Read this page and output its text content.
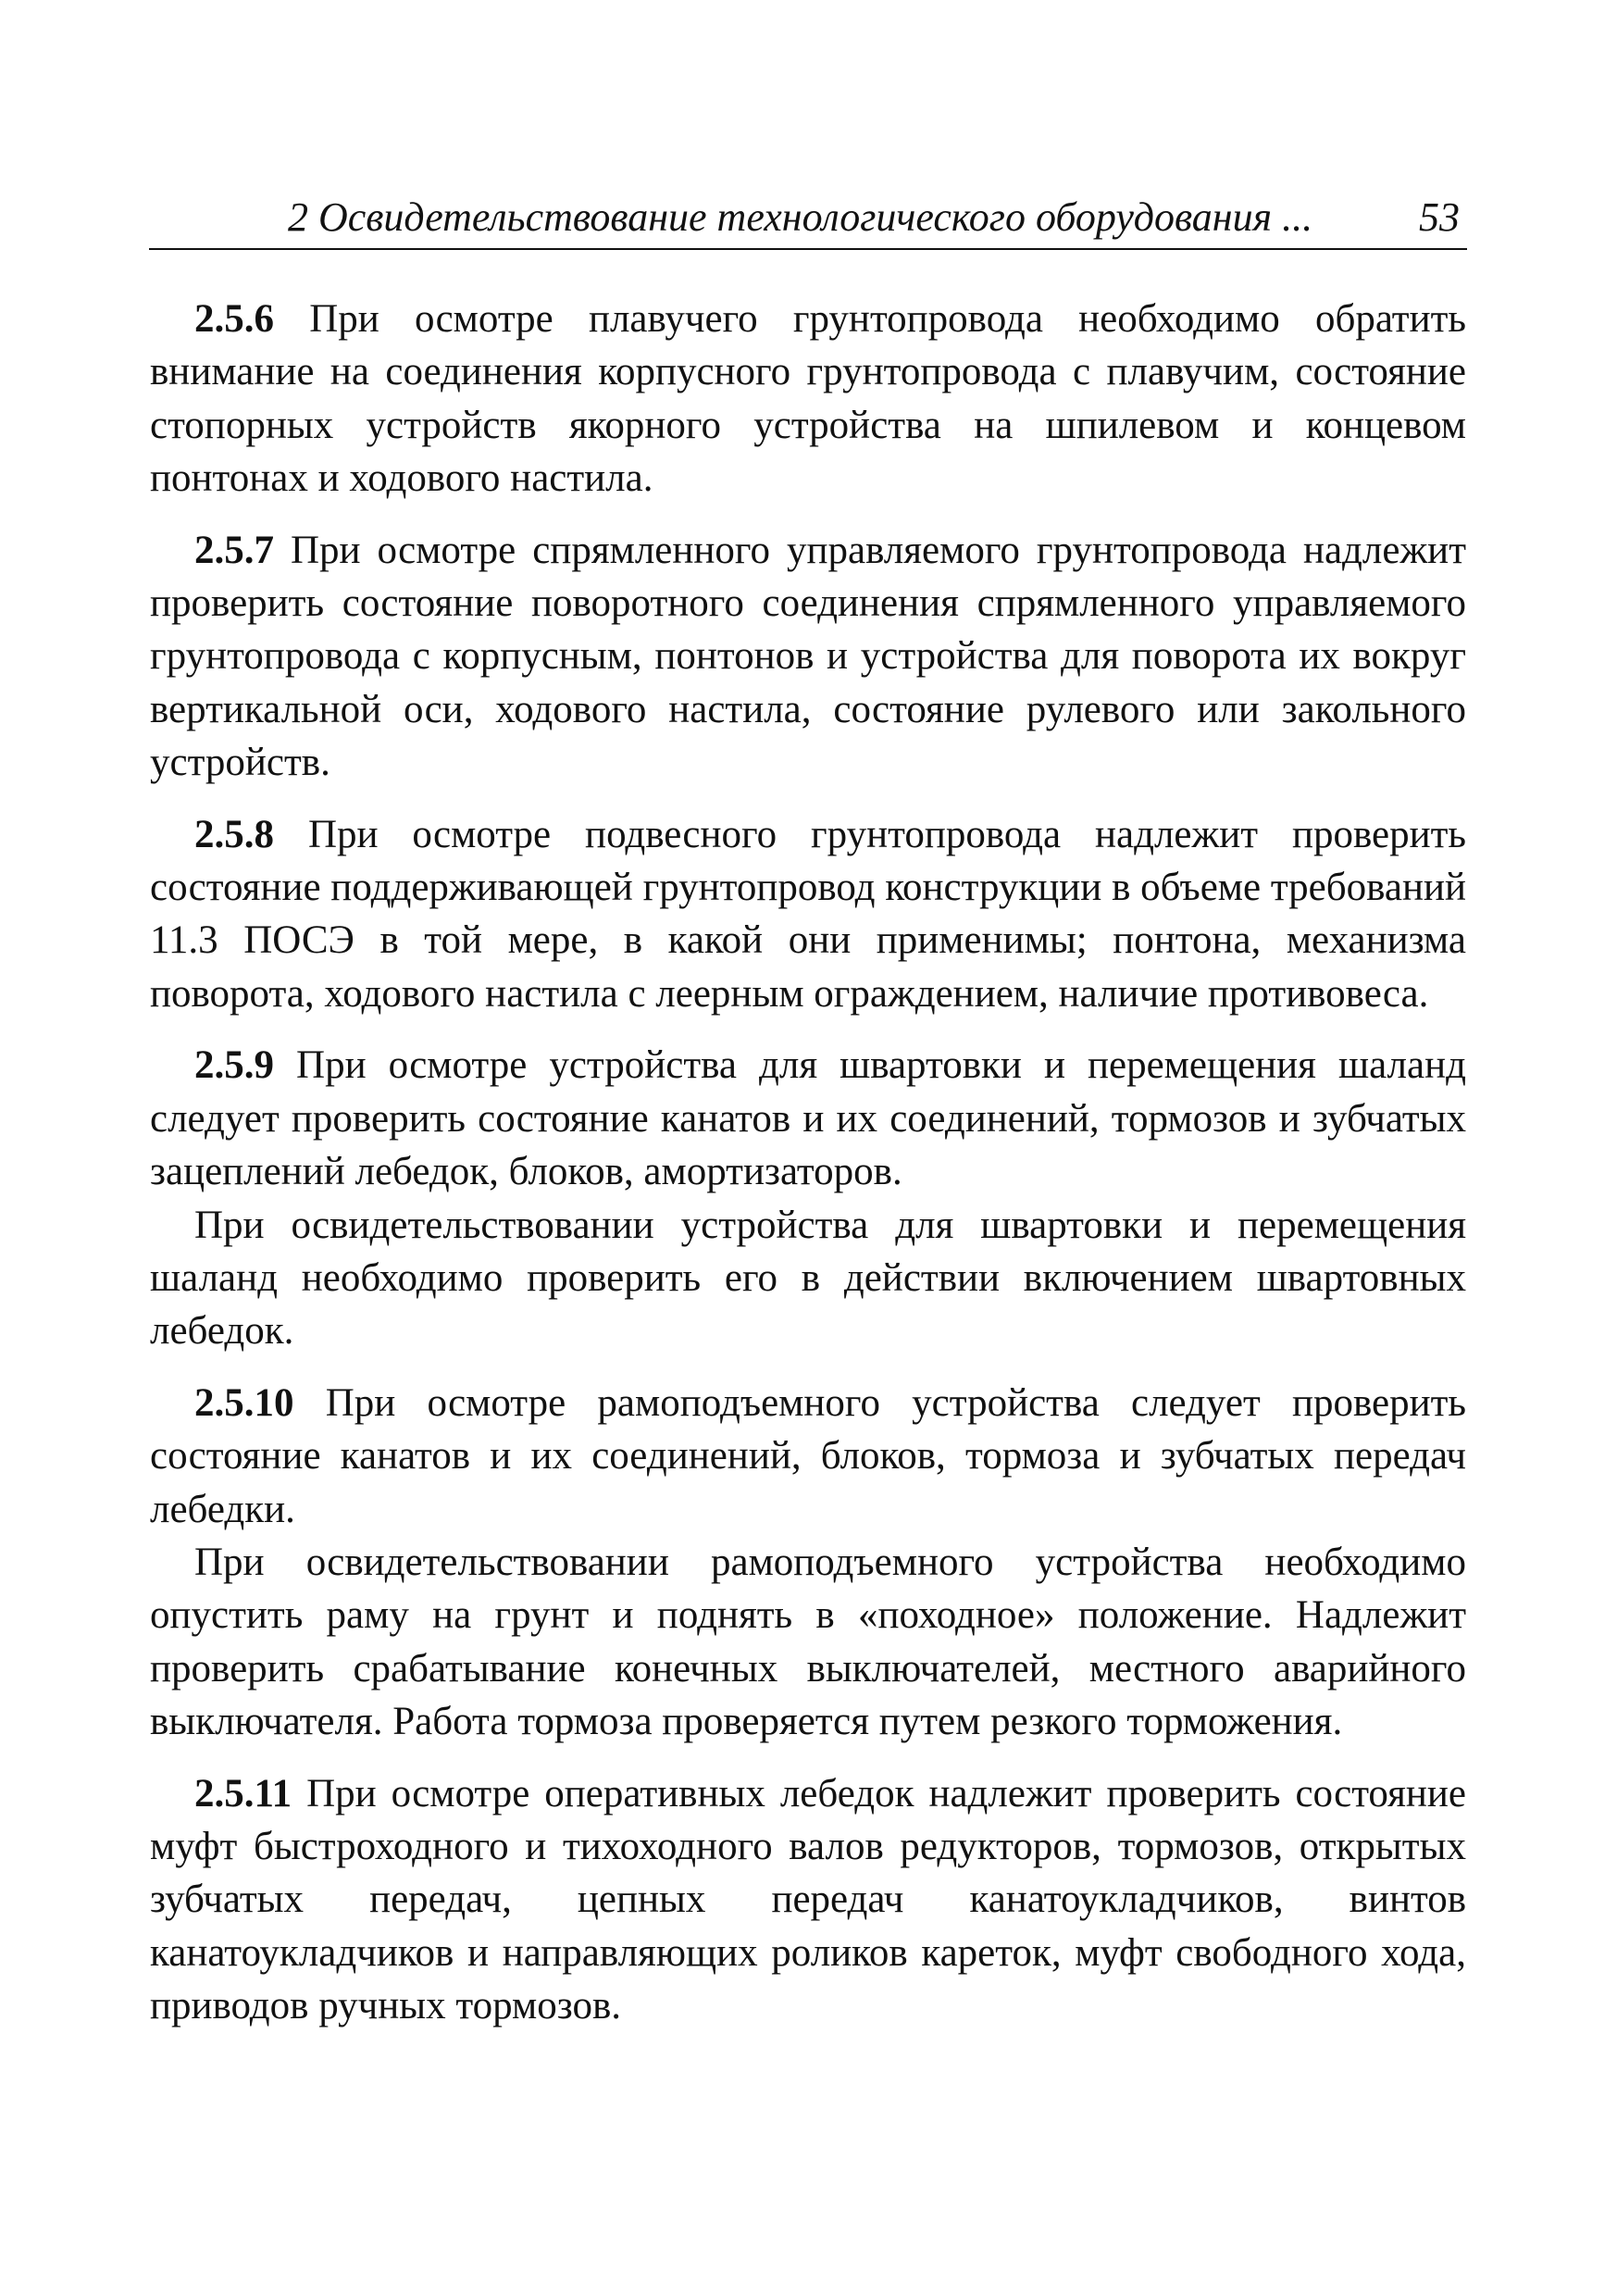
2 Освидетельствование технологического оборудования ...	53

2.5.6 При осмотре плавучего грунтопровода необходимо обратить внимание на соединения корпусного грунтопровода с плавучим, состояние стопорных устройств якорного устройства на шпилевом и концевом понтонах и ходового настила.

2.5.7 При осмотре спрямленного управляемого грунтопровода надлежит проверить состояние поворотного соединения спрямленного управляемого грунтопровода с корпусным, понтонов и устройства для поворота их вокруг вертикальной оси, ходового настила, состояние рулевого или закольного устройств.

2.5.8 При осмотре подвесного грунтопровода надлежит проверить состояние поддерживающей грунтопровод конструкции в объеме требований 11.3 ПОСЭ в той мере, в какой они применимы; понтона, механизма поворота, ходового настила с леерным ограждением, наличие противовеса.

2.5.9 При осмотре устройства для швартовки и перемещения шаланд следует проверить состояние канатов и их соединений, тормозов и зубчатых зацеплений лебедок, блоков, амортизаторов.

При освидетельствовании устройства для швартовки и перемещения шаланд необходимо проверить его в действии включением швартовных лебедок.

2.5.10 При осмотре рамоподъемного устройства следует проверить состояние канатов и их соединений, блоков, тормоза и зубчатых передач лебедки.

При освидетельствовании рамоподъемного устройства необходимо опустить раму на грунт и поднять в «походное» положение. Надлежит проверить срабатывание конечных выключателей, местного аварийного выключателя. Работа тормоза проверяется путем резкого торможения.

2.5.11 При осмотре оперативных лебедок надлежит проверить состояние муфт быстроходного и тихоходного валов редукторов, тормозов, открытых зубчатых передач, цепных передач канатоукладчиков, винтов канатоукладчиков и направляющих роликов кареток, муфт свободного хода, приводов ручных тормозов.
